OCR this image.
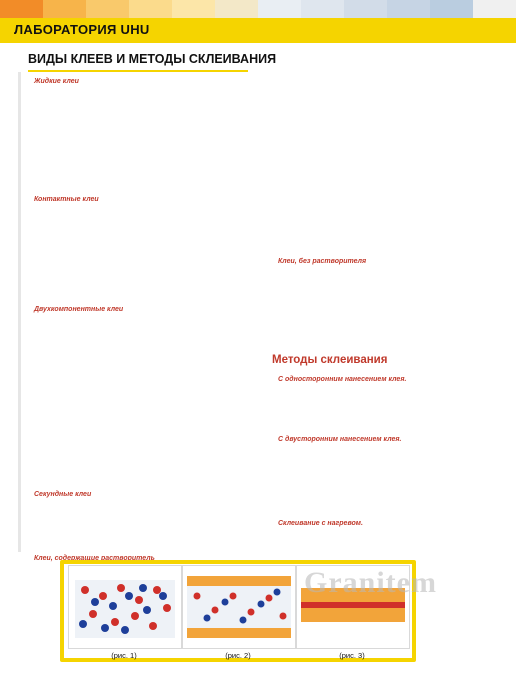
ЛАБОРАТОРИЯ UHU
ВИДЫ КЛЕЕВ И МЕТОДЫ СКЛЕИВАНИЯ
Жидкие клеи
Контактные клеи
Двухкомпонентные клеи
Секундные клеи
Клеи, содержащие растворитель
Клеи, без растворителя
Методы склеивания
С односторонним нанесением клея.
С двусторонним нанесением клея.
Склеивание с нагревом.
(рис. 1)	(рис. 2)	(рис. 3)
Granitem
